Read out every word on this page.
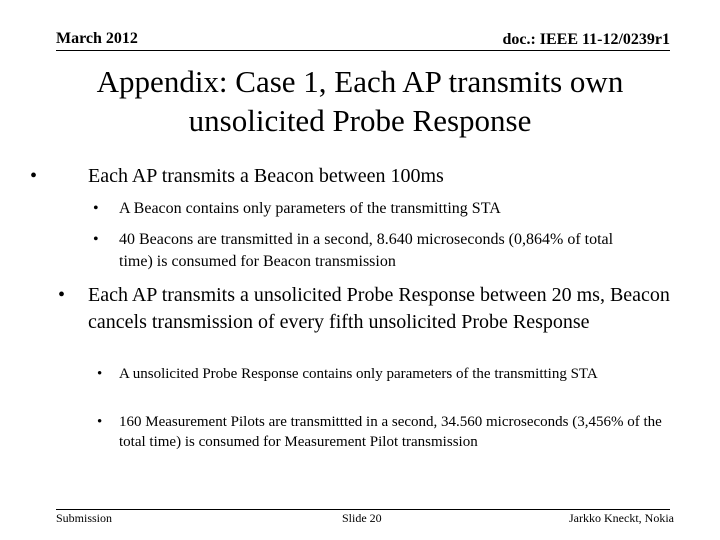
March 2012	doc.: IEEE 11-12/0239r1
Appendix: Case 1, Each AP transmits own
unsolicited Probe Response
•	Each AP transmits a Beacon between 100ms
• A Beacon contains only parameters of the transmitting STA
• 40 Beacons are transmitted in a second, 8.640 microseconds (0,864% of total time) is consumed for Beacon transmission
• Each AP transmits a unsolicited Probe Response between 20 ms, Beacon cancels transmission of every fifth unsolicited Probe Response
• A unsolicited Probe Response contains only parameters of the transmitting STA
• 160 Measurement Pilots are transmittted in a second, 34.560 microseconds (3,456% of the total time) is consumed for Measurement Pilot transmission
Submission	Slide 20	Jarkko Kneckt, Nokia
